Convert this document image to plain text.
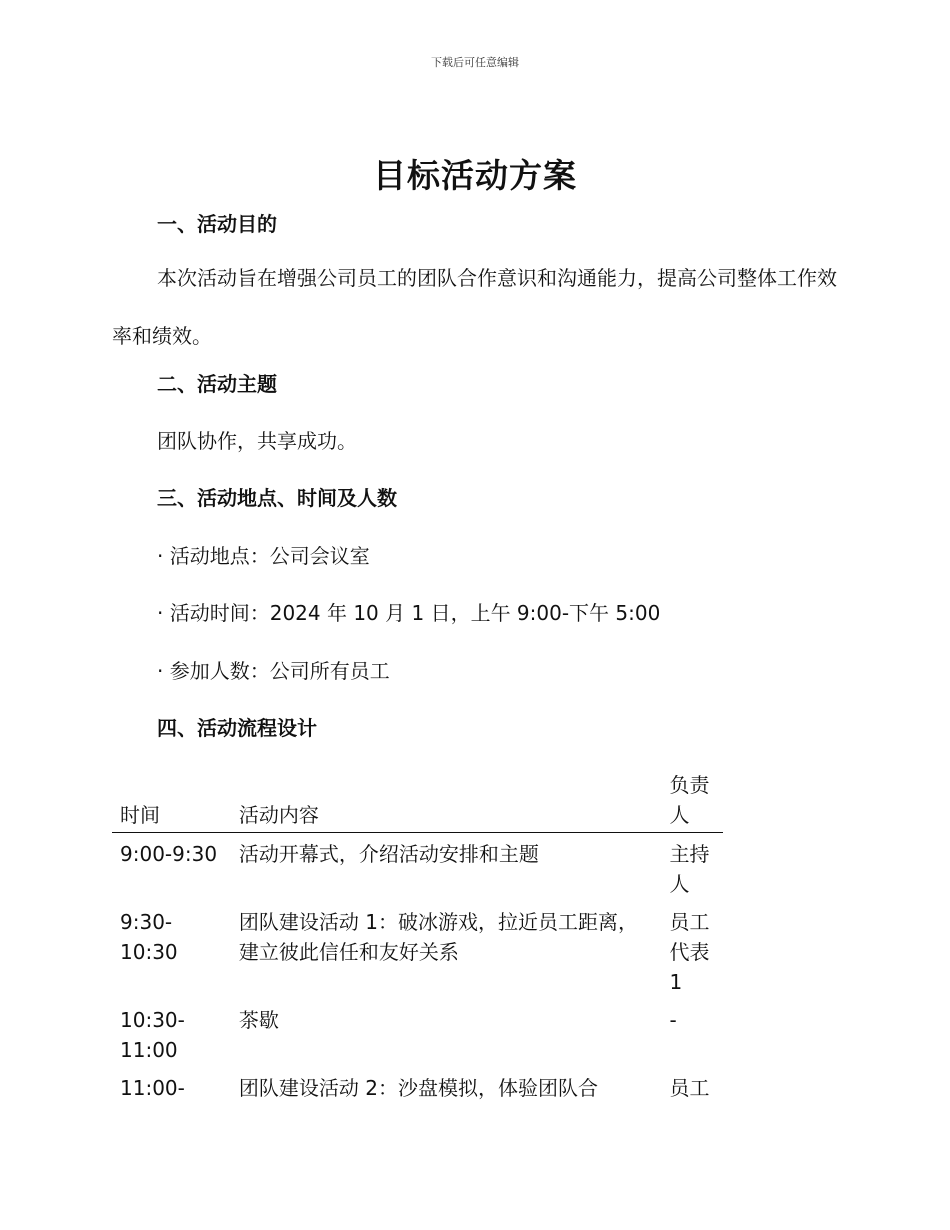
下载后可任意编辑
目标活动方案
一、活动目的
本次活动旨在增强公司员工的团队合作意识和沟通能力，提高公司整体工作效率和绩效。
二、活动主题
团队协作，共享成功。
三、活动地点、时间及人数
· 活动地点：公司会议室
· 活动时间：2024 年 10 月 1 日，上午 9:00-下午 5:00
· 参加人数：公司所有员工
四、活动流程设计
时间	活动内容	负责人
9:00-9:30	活动开幕式，介绍活动安排和主题	主持人
9:30-10:30	团队建设活动 1：破冰游戏，拉近员工距离，建立彼此信任和友好关系	员工代表 1
10:30-11:00	茶歇	-
11:00-	团队建设活动 2：沙盘模拟，体验团队合	员工
